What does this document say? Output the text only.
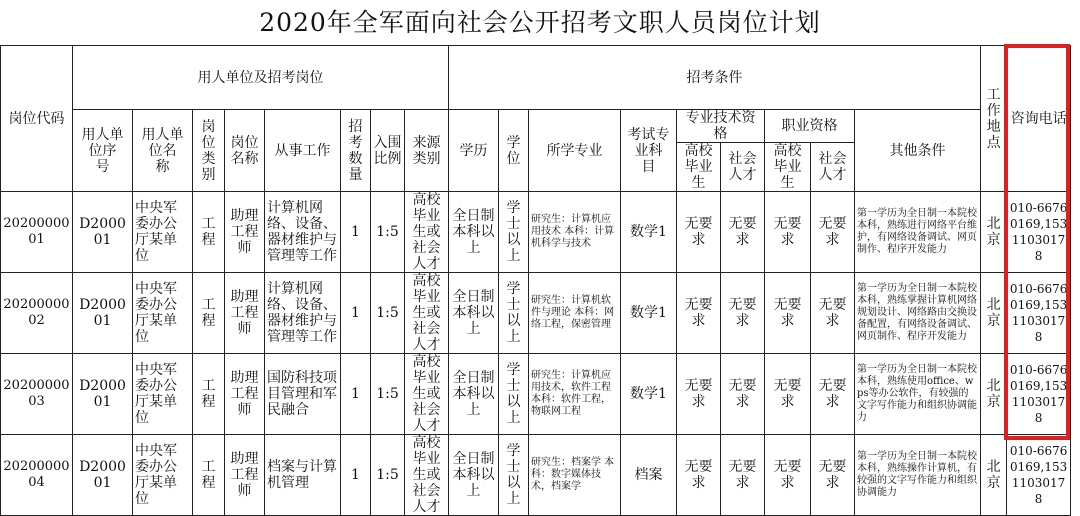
2020年全军面向社会公开招考文职人员岗位计划
岗位代码	用人单位及招考岗位								招考条件									工作地点	咨询电话
	用人单位序　　号	用人单位名　　称	岗位类别	岗位名称	从事工作	招考数量	入围比例	来源类别	学历	学位	所学专业	考试专业科　　目	专业技术资格		职业资格		其他条件		
													高校毕业生	社会人才	高校毕业生	社会人才			
2020000001	D200001	中央军委办公厅某单位	工程	助理工程师	计算机网络、设备、器材维护与管理等工作	1	1:5	高校毕业生或社会人才	全日制本科以上	学士以上	研究生：计算机应用技术 本科：计算机科学与技术	数学1	无要求	无要求	无要求	无要求	第一学历为全日制一本院校本科，熟练进行网络平台维护，有网络设备调试、网页制作、程序开发能力	北京	010-66760169,15311030178
2020000002	D200001	中央军委办公厅某单位	工程	助理工程师	计算机网络、设备、器材维护与管理等工作	1	1:5	高校毕业生或社会人才	全日制本科以上	学士以上	研究生：计算机软件与理论 本科：网络工程，保密管理	数学1	无要求	无要求	无要求	无要求	第一学历为全日制一本院校本科，熟练掌握计算机网络规划设计、网络路由交换设备配置，有网络设备调试、网页制作、程序开发能力	北京	010-66760169,15311030178
2020000003	D200001	中央军委办公厅某单位	工程	助理工程师	国防科技项目管理和军民融合	1	1:5	高校毕业生或社会人才	全日制本科以上	学士以上	研究生：计算机应用技术，软件工程 本科：软件工程，物联网工程	数学1	无要求	无要求	无要求	无要求	第一学历为全日制一本院校本科，熟练使用office、wps等办公软件，有较强的文字写作能力和组织协调能力	北京	010-66760169,15311030178
2020000004	D200001	中央军委办公厅某单位	工程	助理工程师	档案与计算机管理	1	1:5	高校毕业生或社会人才	全日制本科以上	学士以上	研究生：档案学 本科：数字媒体技术，档案学	档案	无要求	无要求	无要求	无要求	第一学历为全日制一本院校本科，熟练操作计算机，有较强的文字写作能力和组织协调能力	北京	010-66760169,15311030178
